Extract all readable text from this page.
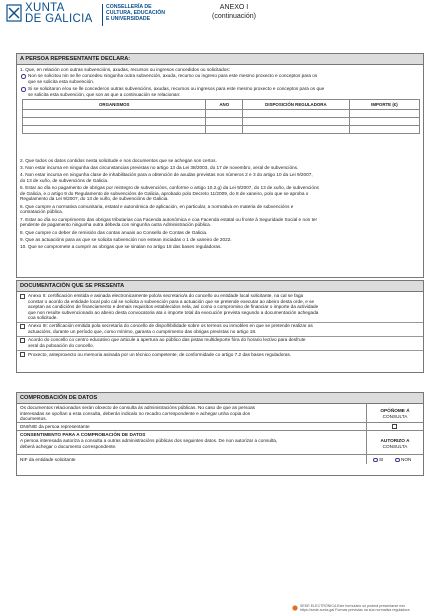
XUNTA
DE GALICIA
CONSELLERÍA DE
CULTURA, EDUCACIÓN
E UNIVERSIDADE
ANEXO I
(continuación)
A PERSOA REPRESENTANTE DECLARA:
1. Que, en relación con outras subvencións, axudas, recursos ou ingresos concedidos ou solicitados:
Non se solicitou nin se lle concedeu ningunha outra subvención, axuda, recurso ou ingreso para este mesmo proxecto e conceptos para os
que se solicita esta subvención.
Si se solicitaron e/ou se lle concederon outras subvencións, axudas, recursos ou ingresos para este mesmo proxecto e conceptos para os que
se solicita esta subvención, que son as que a continuación se relacionan:
ORGANISMOS	ANO	DISPOSICIÓN REGULADORA	IMPORTE (€)

2. Que todos os datos contidos nesta solicitude e nos documentos que se achegan son certos.
3. Non estar incursa en ningunha das circunstancias previstas no artigo 13 da Lei 38/2003, do 17 de novembro, xeral de subvencións.
4. Non estar incursa en ningunha clase de inhabilitación para a obtención de axudas previstas nos números 2 e 3 do artigo 10 da Lei 9/2007,
do 13 de xuño, de subvencións de Galicia.
5. Estar ao día no pagamento de obrigas por reintegro de subvencións, conforme o artigo 10.2.g) da Lei 9/2007, do 13 de xuño, de subvencións
de Galicia, e o artigo 9 do Regulamento de subvencións de Galicia, aprobado polo Decreto 11/2009, do 8 de xaneiro, polo que se aproba o
Regulamento da Lei 9/2007, do 13 de xuño, de subvencións de Galicia.
6. Que cumpre a normativa comunitaria, estatal e autonómica de aplicación, en particular, a normativa en materia de subvencións e
contratación pública.
7. Estar ao día no cumprimento das obrigas tributarias coa Facenda autonómica e coa Facenda estatal ou fronte á Seguridade Social e non ter
pendente de pagamento ningunha outra débeda con ningunha outra Administración pública.
8. Que cumpre co deber de remisión das contas anuais ao Consello de Contas de Galicia.
9. Que as actuacións para as que se solicita subvención non estean iniciadas o 1 de xaneiro de 2022.
10. Que se compromete a cumprir as obrigas que se sinalan no artigo 18 das bases reguladoras.
DOCUMENTACIÓN QUE SE PRESENTA
Anexo II: certificación emitida e asinada electronicamente polo/a secretario/a do concello ou entidade local solicitante, na cal se faga
constar o acordo da entidade local polo cal se solicita a subvención para a actuación que se pretende executar ao abeiro desta orde, e se
aceptan as condicións de financiamento e demais requisitos establecidos nela, así como o compromiso de financiar o importe da actividade
que non resulte subvencionado ao abeiro desta convocatoria ata o importe total da execución prevista segundo a documentación achegada
coa solicitude.
Anexo III: certificación emitida pola secretaría do concello de dispoñibilidade sobre os terreos ou inmobles en que se pretende realizar as
actuacións, durante un período que, como mínimo, garanta o cumprimento das obrigas previstas no artigo 18.
Acordo do concello co centro educativo que articule a apertura ao público das pistas multideporte fóra do horario lectivo para desfrute
xeral da poboación do concello.
Proxecto, anteproxecto ou memoria asinada por un técnico competente, de conformidade co artigo 7.2 das bases reguladoras.
COMPROBACIÓN DE DATOS
Os documentos relacionados serán obxecto de consulta ás administracións públicas. No caso de que as persoas
interesadas se opoñan a esta consulta, deberán indicalo no recadro correspondente e achegar unha copia dos
documentos.
OPÓÑOME Á
CONSULTA
DNI/NIE da persoa representante
CONSENTIMENTO PARA A COMPROBACIÓN DE DATOS
A persoa interesada autoriza a consulta a outras administracións públicas dos seguintes datos. De non autorizar a consulta,
deberá achegar o documento correspondente.
AUTORIZO A
CONSULTA
NIF da entidade solicitante	SI	NON
SEDE ELECTRÓNICA Este formulario só poderá presentarse nes
https://sede.xunta.gal Formas previstas na súa normativa reguladora
